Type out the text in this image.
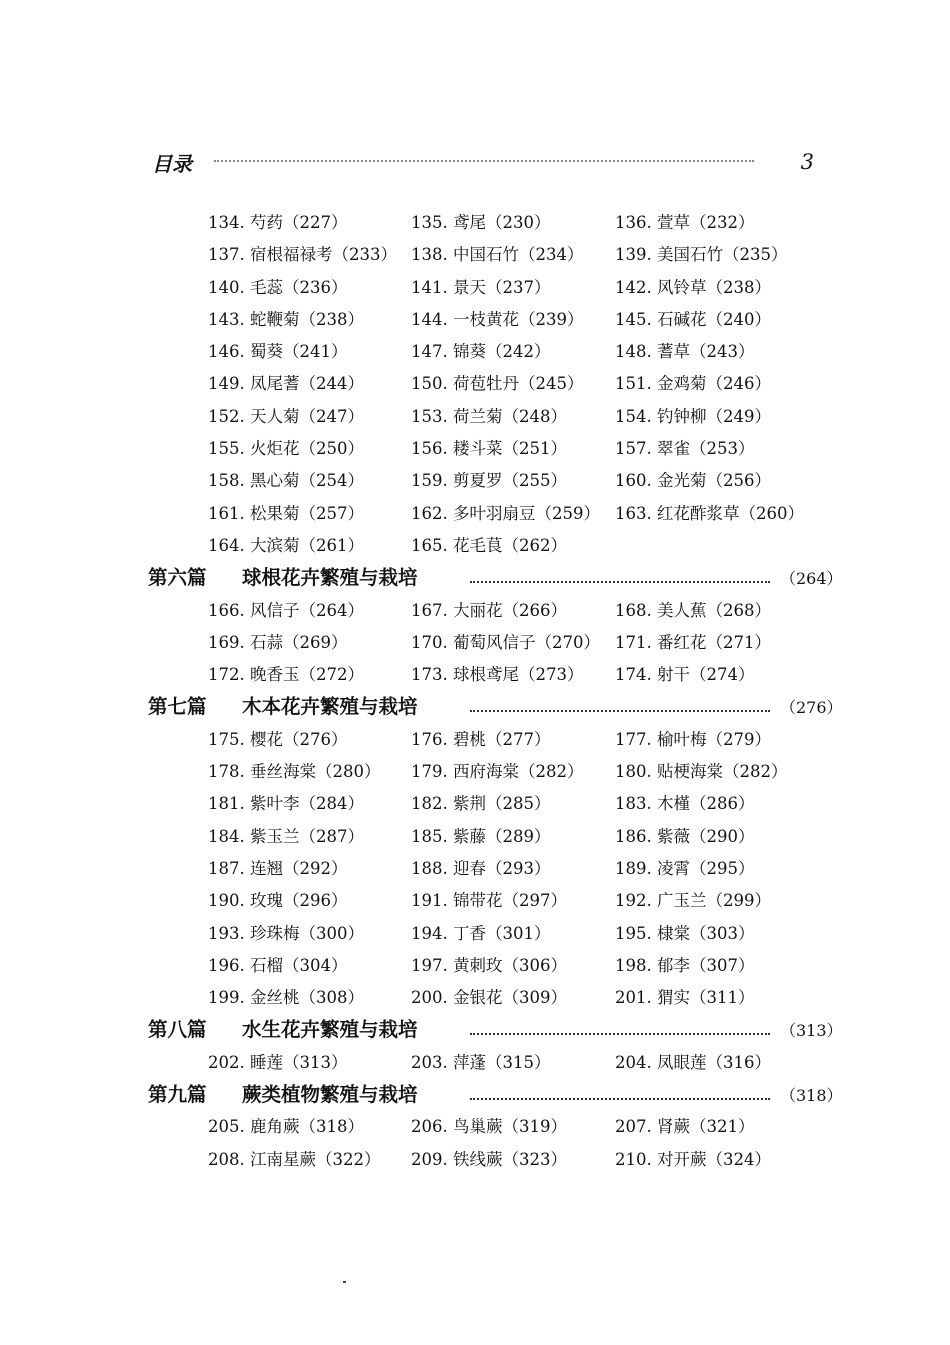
目录	3
134. 芍药（227）	135. 鸢尾（230）	136. 萱草（232）
137. 宿根福禄考（233） 138. 中国石竹（234） 139. 美国石竹（235）
140. 毛蕊（236）	141. 景天（237）	142. 风铃草（238）
143. 蛇鞭菊（238）	144. 一枝黄花（239） 145. 石碱花（240）
146. 蜀葵（241）	147. 锦葵（242）	148. 蓍草（243）
149. 凤尾蓍（244）	150. 荷苞牡丹（245） 151. 金鸡菊（246）
152. 天人菊（247）	153. 荷兰菊（248）	154. 钓钟柳（249）
155. 火炬花（250）	156. 耧斗菜（251）	157. 翠雀（253）
158. 黑心菊（254）	159. 剪夏罗（255）	160. 金光菊（256）
161. 松果菊（257）	162. 多叶羽扇豆（259） 163. 红花酢浆草（260）
164. 大滨菊（261）	165. 花毛茛（262）
第六篇 球根花卉繁殖与栽培	（264）
166. 风信子（264）	167. 大丽花（266）	168. 美人蕉（268）
169. 石蒜（269）	170. 葡萄风信子（270） 171. 番红花（271）
172. 晚香玉（272）	173. 球根鸢尾（273） 174. 射干（274）
第七篇 木本花卉繁殖与栽培	（276）
175. 樱花（276）	176. 碧桃（277）	177. 榆叶梅（279）
178. 垂丝海棠（280） 179. 西府海棠（282） 180. 贴梗海棠（282）
181. 紫叶李（284）	182. 紫荆（285）	183. 木槿（286）
184. 紫玉兰（287）	185. 紫藤（289）	186. 紫薇（290）
187. 连翘（292）	188. 迎春（293）	189. 凌霄（295）
190. 玫瑰（296）	191. 锦带花（297）	192. 广玉兰（299）
193. 珍珠梅（300）	194. 丁香（301）	195. 棣棠（303）
196. 石榴（304）	197. 黄刺玫（306）	198. 郁李（307）
199. 金丝桃（308）	200. 金银花（309）	201. 猬实（311）
第八篇 水生花卉繁殖与栽培	（313）
202. 睡莲（313）	203. 萍蓬（315）	204. 凤眼莲（316）
第九篇 蕨类植物繁殖与栽培	（318）
205. 鹿角蕨（318）	206. 鸟巢蕨（319）	207. 肾蕨（321）
208. 江南星蕨（322） 209. 铁线蕨（323）	210. 对开蕨（324）
